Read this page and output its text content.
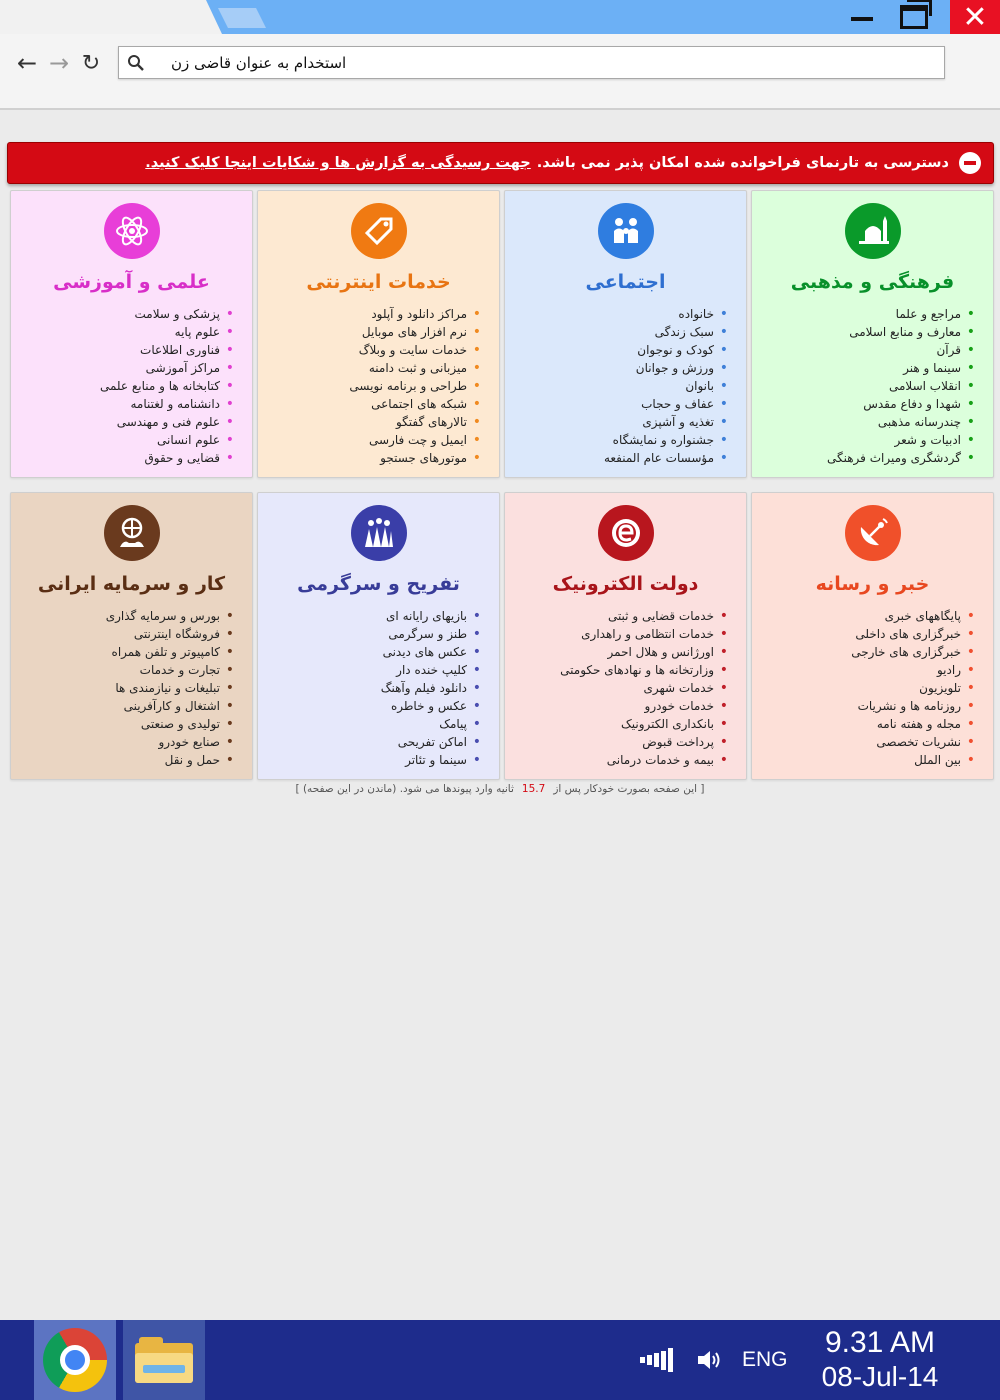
✕
← → ↻	استخدام به عنوان قاضی زن
دسترسی به تارنمای فراخوانده شده امکان پذیر نمی باشد.جهت رسیدگی به گزارش ها و شکایات اینجا کلیک کنید.
فرهنگی و مذهبی
• مراجع و علما
• معارف و منابع اسلامی
• قرآن
• سینما و هنر
• انقلاب اسلامی
• شهدا و دفاع مقدس
• چندرسانه مذهبی
• ادبیات و شعر
• گردشگری ومیراث فرهنگی
اجتماعی
• خانواده
• سبک زندگی
• کودک و نوجوان
• ورزش و جوانان
• بانوان
• عفاف و حجاب
• تغذیه و آشپزی
• جشنواره و نمایشگاه
• مؤسسات عام المنفعه
خدمات اینترنتی
• مراکز دانلود و آپلود
• نرم افزار های موبایل
• خدمات سایت و وبلاگ
• میزبانی و ثبت دامنه
• طراحی و برنامه نویسی
• شبکه های اجتماعی
• تالارهای گفتگو
• ایمیل و چت فارسی
• موتورهای جستجو
علمی و آموزشی
• پزشکی و سلامت
• علوم پایه
• فناوری اطلاعات
• مراکز آموزشی
• کتابخانه ها و منابع علمی
• دانشنامه و لغتنامه
• علوم فنی و مهندسی
• علوم انسانی
• قضایی و حقوق
خبر و رسانه
• پایگاههای خبری
• خبرگزاری های داخلی
• خبرگزاری های خارجی
• رادیو
• تلویزیون
• روزنامه ها و نشریات
• مجله و هفته نامه
• نشریات تخصصی
• بین الملل
دولت الکترونیک
• خدمات قضایی و ثبتی
• خدمات انتظامی و راهداری
• اورژانس و هلال احمر
• وزارتخانه ها و نهادهای حکومتی
• خدمات شهری
• خدمات خودرو
• بانکداری الکترونیک
• پرداخت قبوض
• بیمه و خدمات درمانی
تفریح و سرگرمی
• بازیهای رایانه ای
• طنز و سرگرمی
• عکس های دیدنی
• کلیپ خنده دار
• دانلود فیلم وآهنگ
• عکس و خاطره
• پیامک
• اماکن تفریحی
• سینما و تئاتر
کار و سرمایه ایرانی
• بورس و سرمایه گذاری
• فروشگاه اینترنتی
• کامپیوتر و تلفن همراه
• تجارت و خدمات
• تبلیغات و نیازمندی ها
• اشتغال و کارآفرینی
• تولیدی و صنعتی
• صنایع خودرو
• حمل و نقل
[ این صفحه بصورت خودکار پس از15.7ثانیه وارد پیوندها می شود. (ماندن در این صفحه) ]
ENG
9.31 AM
08-Jul-14
